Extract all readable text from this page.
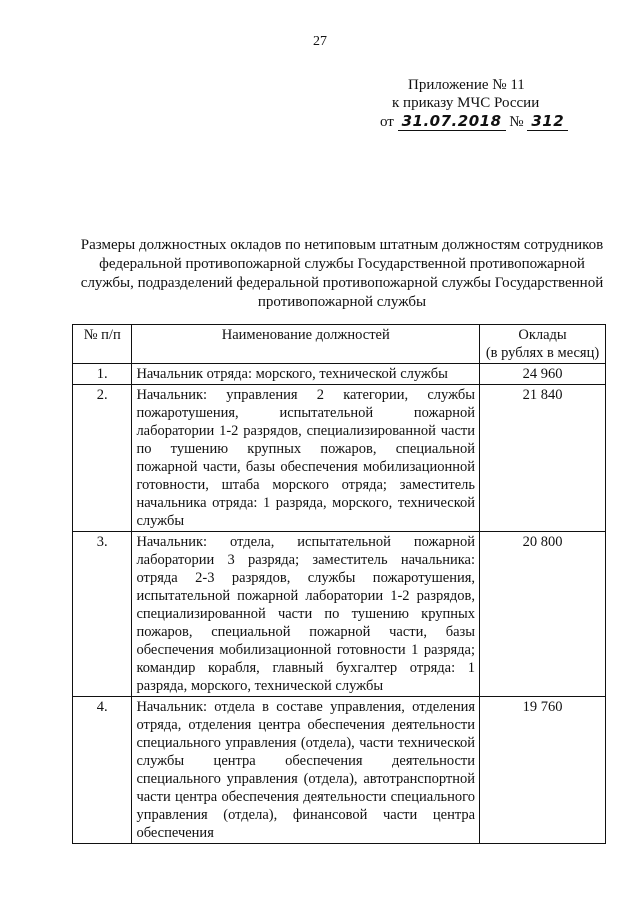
27
Приложение № 11
к приказу МЧС России
от 31.07.2018 № 312
Размеры должностных окладов по нетиповым штатным должностям сотрудников федеральной противопожарной службы Государственной противопожарной службы, подразделений федеральной противопожарной службы Государственной противопожарной службы
№ п/п	Наименование должностей	Оклады
(в рублях в месяц)

1.	Начальник отряда: морского, технической службы	24 960
2.	Начальник: управления 2 категории, службы пожаротушения, испытательной пожарной лаборатории 1-2 разрядов, специализированной части по тушению крупных пожаров, специальной пожарной части, базы обеспечения мобилизационной готовности, штаба морского отряда; заместитель начальника отряда: 1 разряда, морского, технической службы	21 840
3.	Начальник: отдела, испытательной пожарной лаборатории 3 разряда; заместитель начальника: отряда 2-3 разрядов, службы пожаротушения, испытательной пожарной лаборатории 1-2 разрядов, специализированной части по тушению крупных пожаров, специальной пожарной части, базы обеспечения мобилизационной готовности 1 разряда; командир корабля, главный бухгалтер отряда: 1 разряда, морского, технической службы	20 800
4.	Начальник: отдела в составе управления, отделения отряда, отделения центра обеспечения деятельности специального управления (отдела), части технической службы центра обеспечения деятельности специального управления (отдела), автотранспортной части центра обеспечения деятельности специального управления (отдела), финансовой части центра обеспечения	19 760
